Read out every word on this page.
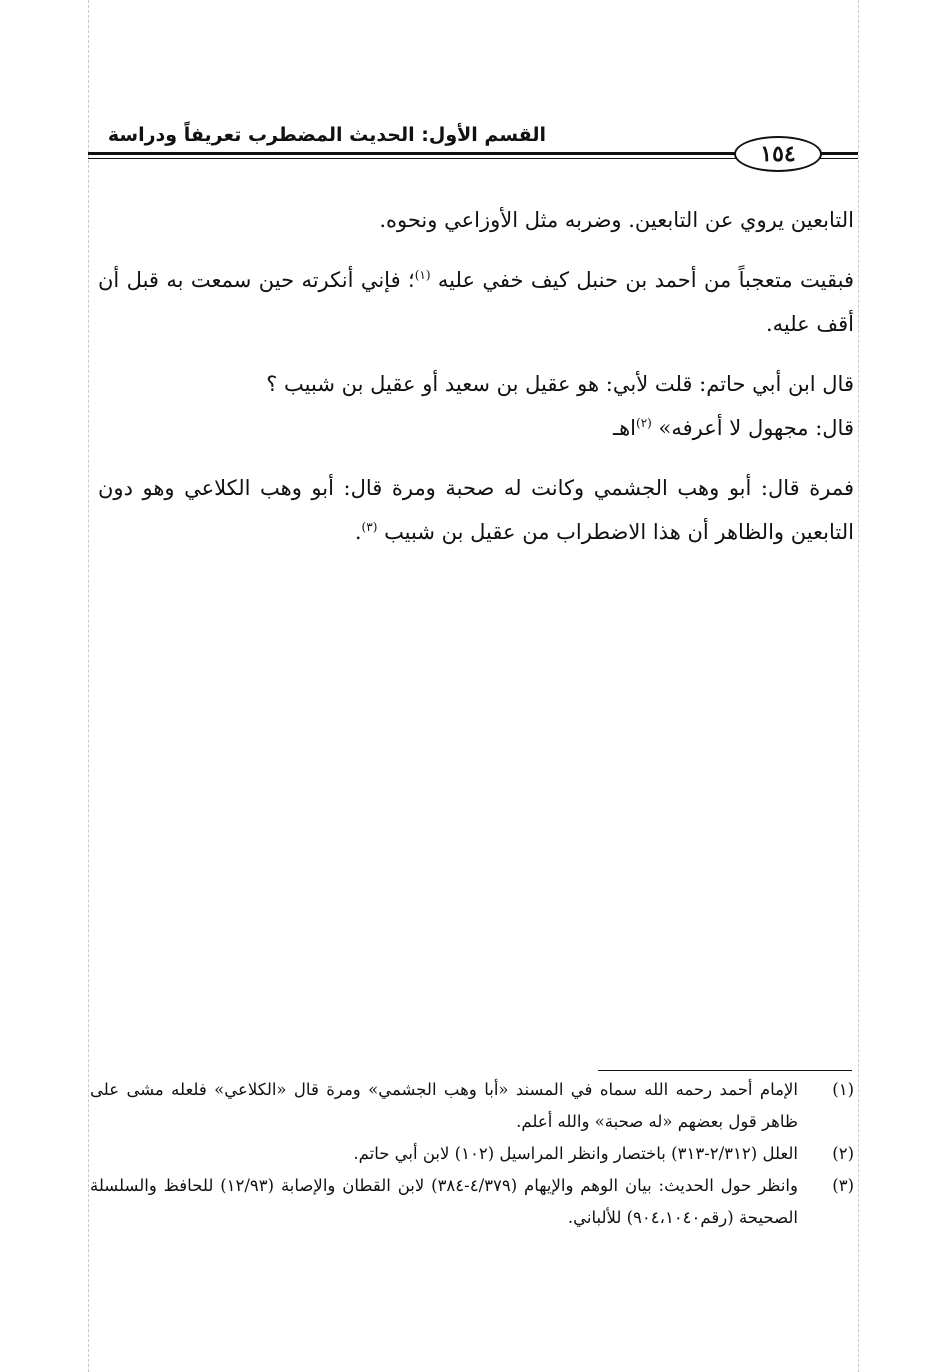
القسم الأول: الحديث المضطرب تعريفاً ودراسة
١٥٤

التابعين يروي عن التابعين. وضربه مثل الأوزاعي ونحوه.

فبقيت متعجباً من أحمد بن حنبل كيف خفي عليه $^{(١)}$؛ فإني أنكرته حين سمعت به قبل أن أقف عليه.

قال ابن أبي حاتم: قلت لأبي: هو عقيل بن سعيد أو عقيل بن شبيب ؟
قال: مجهول لا أعرفه» $^{(٢)}$اهـ

فمرة قال: أبو وهب الجشمي وكانت له صحبة ومرة قال: أبو وهب الكلاعي وهو دون التابعين والظاهر أن هذا الاضطراب من عقيل بن شبيب $^{(٣)}$.

(١)
الإمام أحمد رحمه الله سماه في المسند «أبا وهب الجشمي» ومرة قال «الكلاعي» فلعله مشى على ظاهر قول بعضهم «له صحبة» والله أعلم.
(٢)
العلل (٢/٣١٢-٣١٣) باختصار وانظر المراسيل (١٠٢) لابن أبي حاتم.
(٣)
وانظر حول الحديث: بيان الوهم والإيهام (٤/٣٧٩-٣٨٤) لابن القطان والإصابة (١٢/٩٣) للحافظ والسلسلة الصحيحة (رقم٩٠٤،١٠٤٠) للألباني.
